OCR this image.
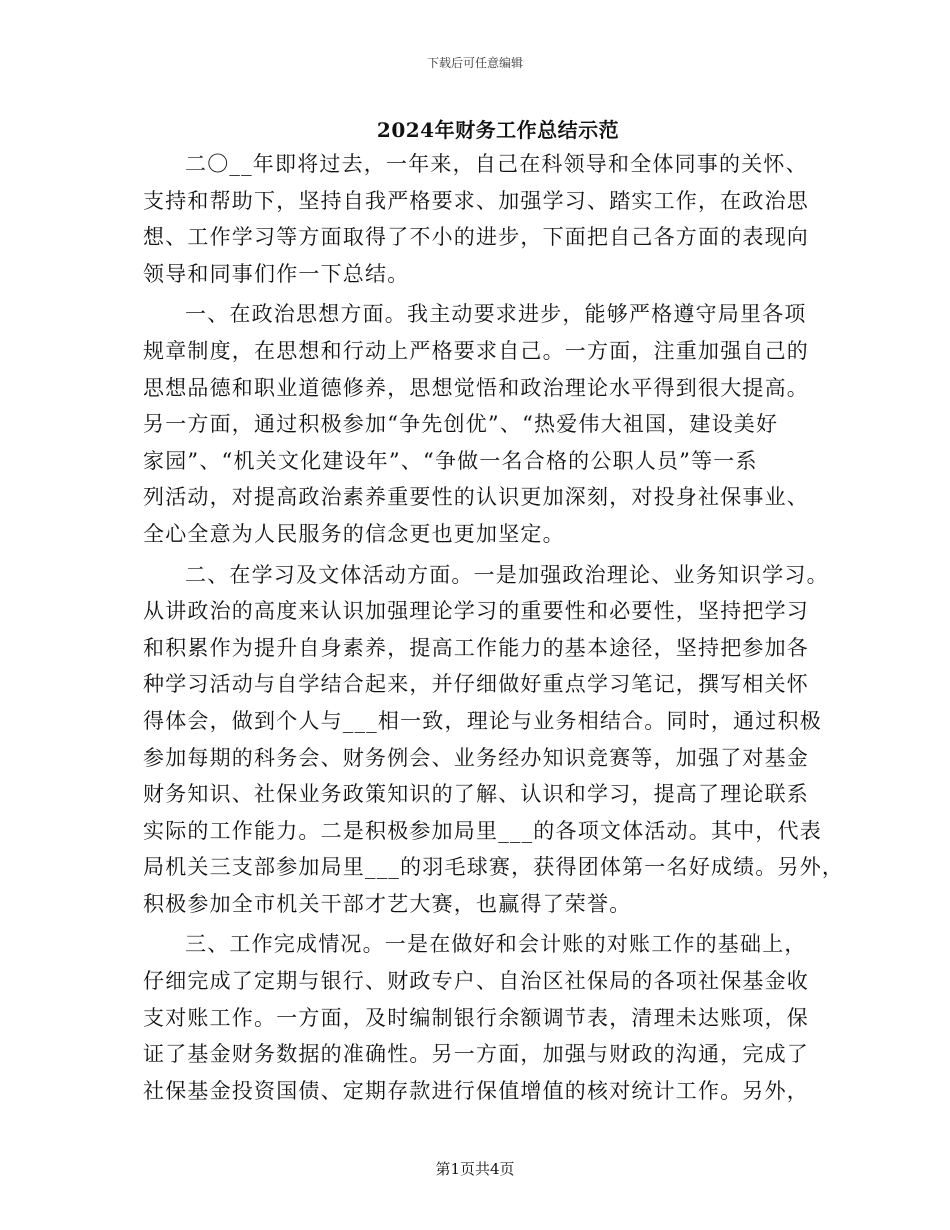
下载后可任意编辑
2024年财务工作总结示范
二〇__年即将过去，一年来，自己在科领导和全体同事的关怀、
支持和帮助下，坚持自我严格要求、加强学习、踏实工作，在政治思
想、工作学习等方面取得了不小的进步，下面把自己各方面的表现向
领导和同事们作一下总结。
一、在政治思想方面。我主动要求进步，能够严格遵守局里各项
规章制度，在思想和行动上严格要求自己。一方面，注重加强自己的
思想品德和职业道德修养，思想觉悟和政治理论水平得到很大提高。
另一方面，通过积极参加“争先创优”、“热爱伟大祖国，建设美好
家园”、“机关文化建设年”、“争做一名合格的公职人员”等一系
列活动，对提高政治素养重要性的认识更加深刻，对投身社保事业、
全心全意为人民服务的信念更也更加坚定。
二、在学习及文体活动方面。一是加强政治理论、业务知识学习。
从讲政治的高度来认识加强理论学习的重要性和必要性，坚持把学习
和积累作为提升自身素养，提高工作能力的基本途径，坚持把参加各
种学习活动与自学结合起来，并仔细做好重点学习笔记，撰写相关怀
得体会，做到个人与___相一致，理论与业务相结合。同时，通过积极
参加每期的科务会、财务例会、业务经办知识竞赛等，加强了对基金
财务知识、社保业务政策知识的了解、认识和学习，提高了理论联系
实际的工作能力。二是积极参加局里___的各项文体活动。其中，代表
局机关三支部参加局里___的羽毛球赛，获得团体第一名好成绩。另外，
积极参加全市机关干部才艺大赛，也赢得了荣誉。
三、工作完成情况。一是在做好和会计账的对账工作的基础上，
仔细完成了定期与银行、财政专户、自治区社保局的各项社保基金收
支对账工作。一方面，及时编制银行余额调节表，清理未达账项，保
证了基金财务数据的准确性。另一方面，加强与财政的沟通，完成了
社保基金投资国债、定期存款进行保值增值的核对统计工作。另外，
第1页共4页
